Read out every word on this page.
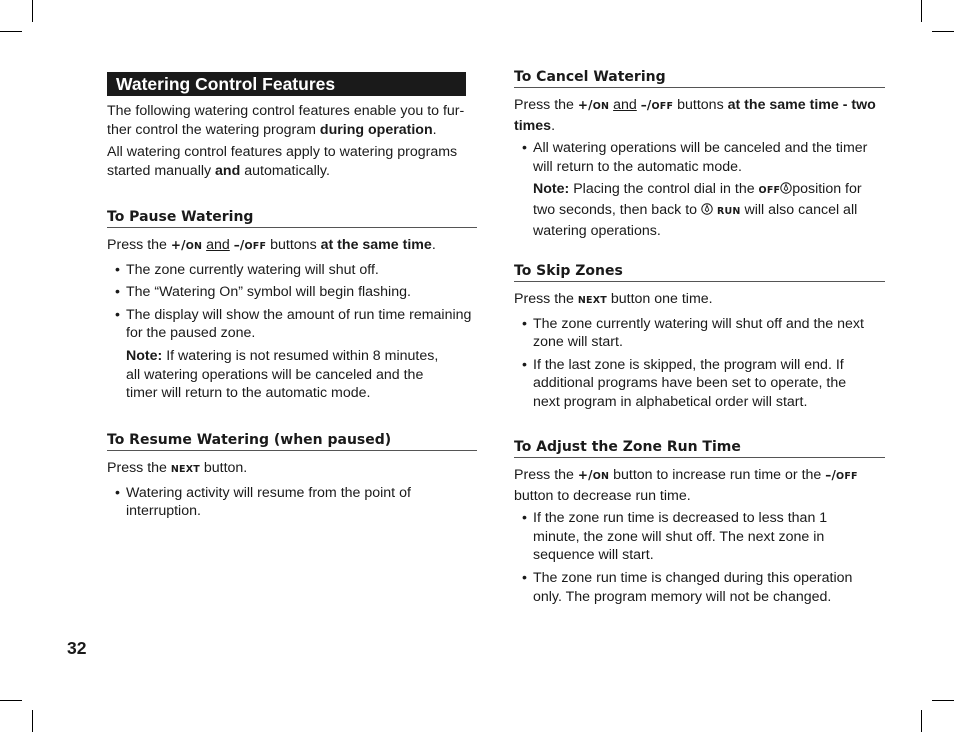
Watering Control Features

The following watering control features enable you to fur-ther control the watering program during operation.

All watering control features apply to watering programs started manually and automatically.

To Pause Watering

Press the +/ON and –/OFF buttons at the same time.

• The zone currently watering will shut off.
• The “Watering On” symbol will begin flashing.
• The display will show the amount of run time remaining for the paused zone.
Note: If watering is not resumed within 8 minutes, all watering operations will be canceled and the timer will return to the automatic mode.
To Resume Watering (when paused)

Press the NEXT button.

• Watering activity will resume from the point of interruption.
To Cancel Watering

Press the +/ON and –/OFF buttons at the same time - two times.

• All watering operations will be canceled and the timer will return to the automatic mode.
Note: Placing the control dial in the OFF position for two seconds, then back to  RUN will also cancel all watering operations.
To Skip Zones

Press the NEXT button one time.

• The zone currently watering will shut off and the next zone will start.
• If the last zone is skipped, the program will end. If additional programs have been set to operate, the next program in alphabetical order will start.
To Adjust the Zone Run Time

Press the +/ON button to increase run time or the –/OFF button to decrease run time.

• If the zone run time is decreased to less than 1 minute, the zone will shut off. The next zone in sequence will start.
• The zone run time is changed during this operation only. The program memory will not be changed.
32
